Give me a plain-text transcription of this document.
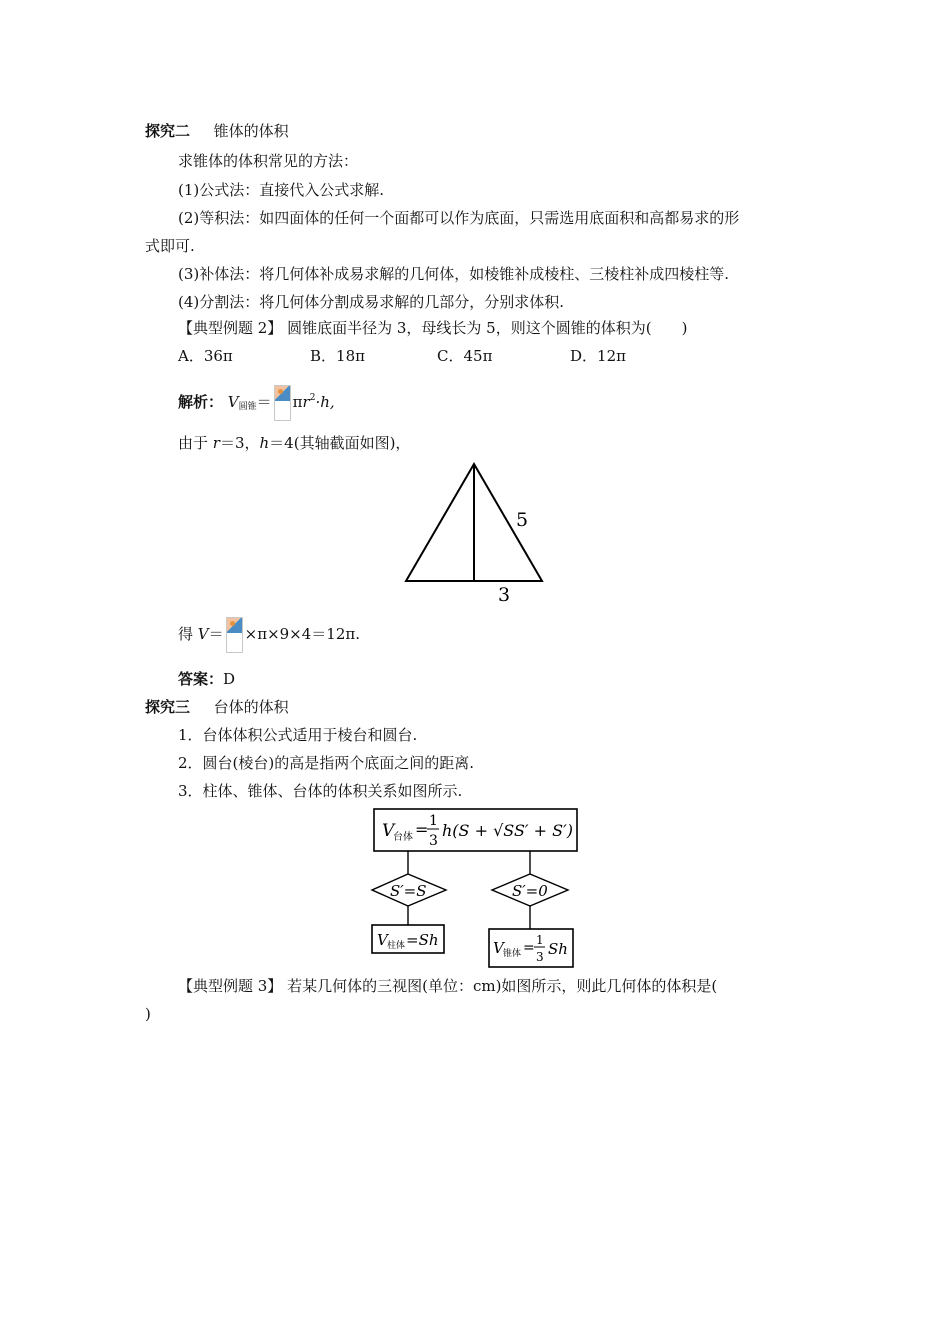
探究二 锥体的体积
求锥体的体积常见的方法：
(1)公式法：直接代入公式求解.
(2)等积法：如四面体的任何一个面都可以作为底面，只需选用底面积和高都易求的形
式即可.
(3)补体法：将几何体补成易求解的几何体，如棱锥补成棱柱、三棱柱补成四棱柱等.
(4)分割法：将几何体分割成易求解的几部分，分别求体积.
【典型例题 2】 圆锥底面半径为 3，母线长为 5，则这个圆锥的体积为(　　)
A．36π	B．18π	C．45π	D．12π
解析： $V_{圆锥}= \pi r^2\cdot h$,
由于 r＝3，h＝4(其轴截面如图)，
5
3
得 V＝ ×π×9×4＝12π.
答案：D
探究三 台体的体积
1．台体体积公式适用于棱台和圆台.
2．圆台(棱台)的高是指两个底面之间的距离.
3．柱体、锥体、台体的体积关系如图所示.
V
台体 = 1
3
h(S + √SS′ + S′)
S′=S	S′=0
V 柱体 =Sh	V 锥体 = 1
3 Sh
【典型例题 3】 若某几何体的三视图(单位：cm)如图所示，则此几何体的体积是(
)
